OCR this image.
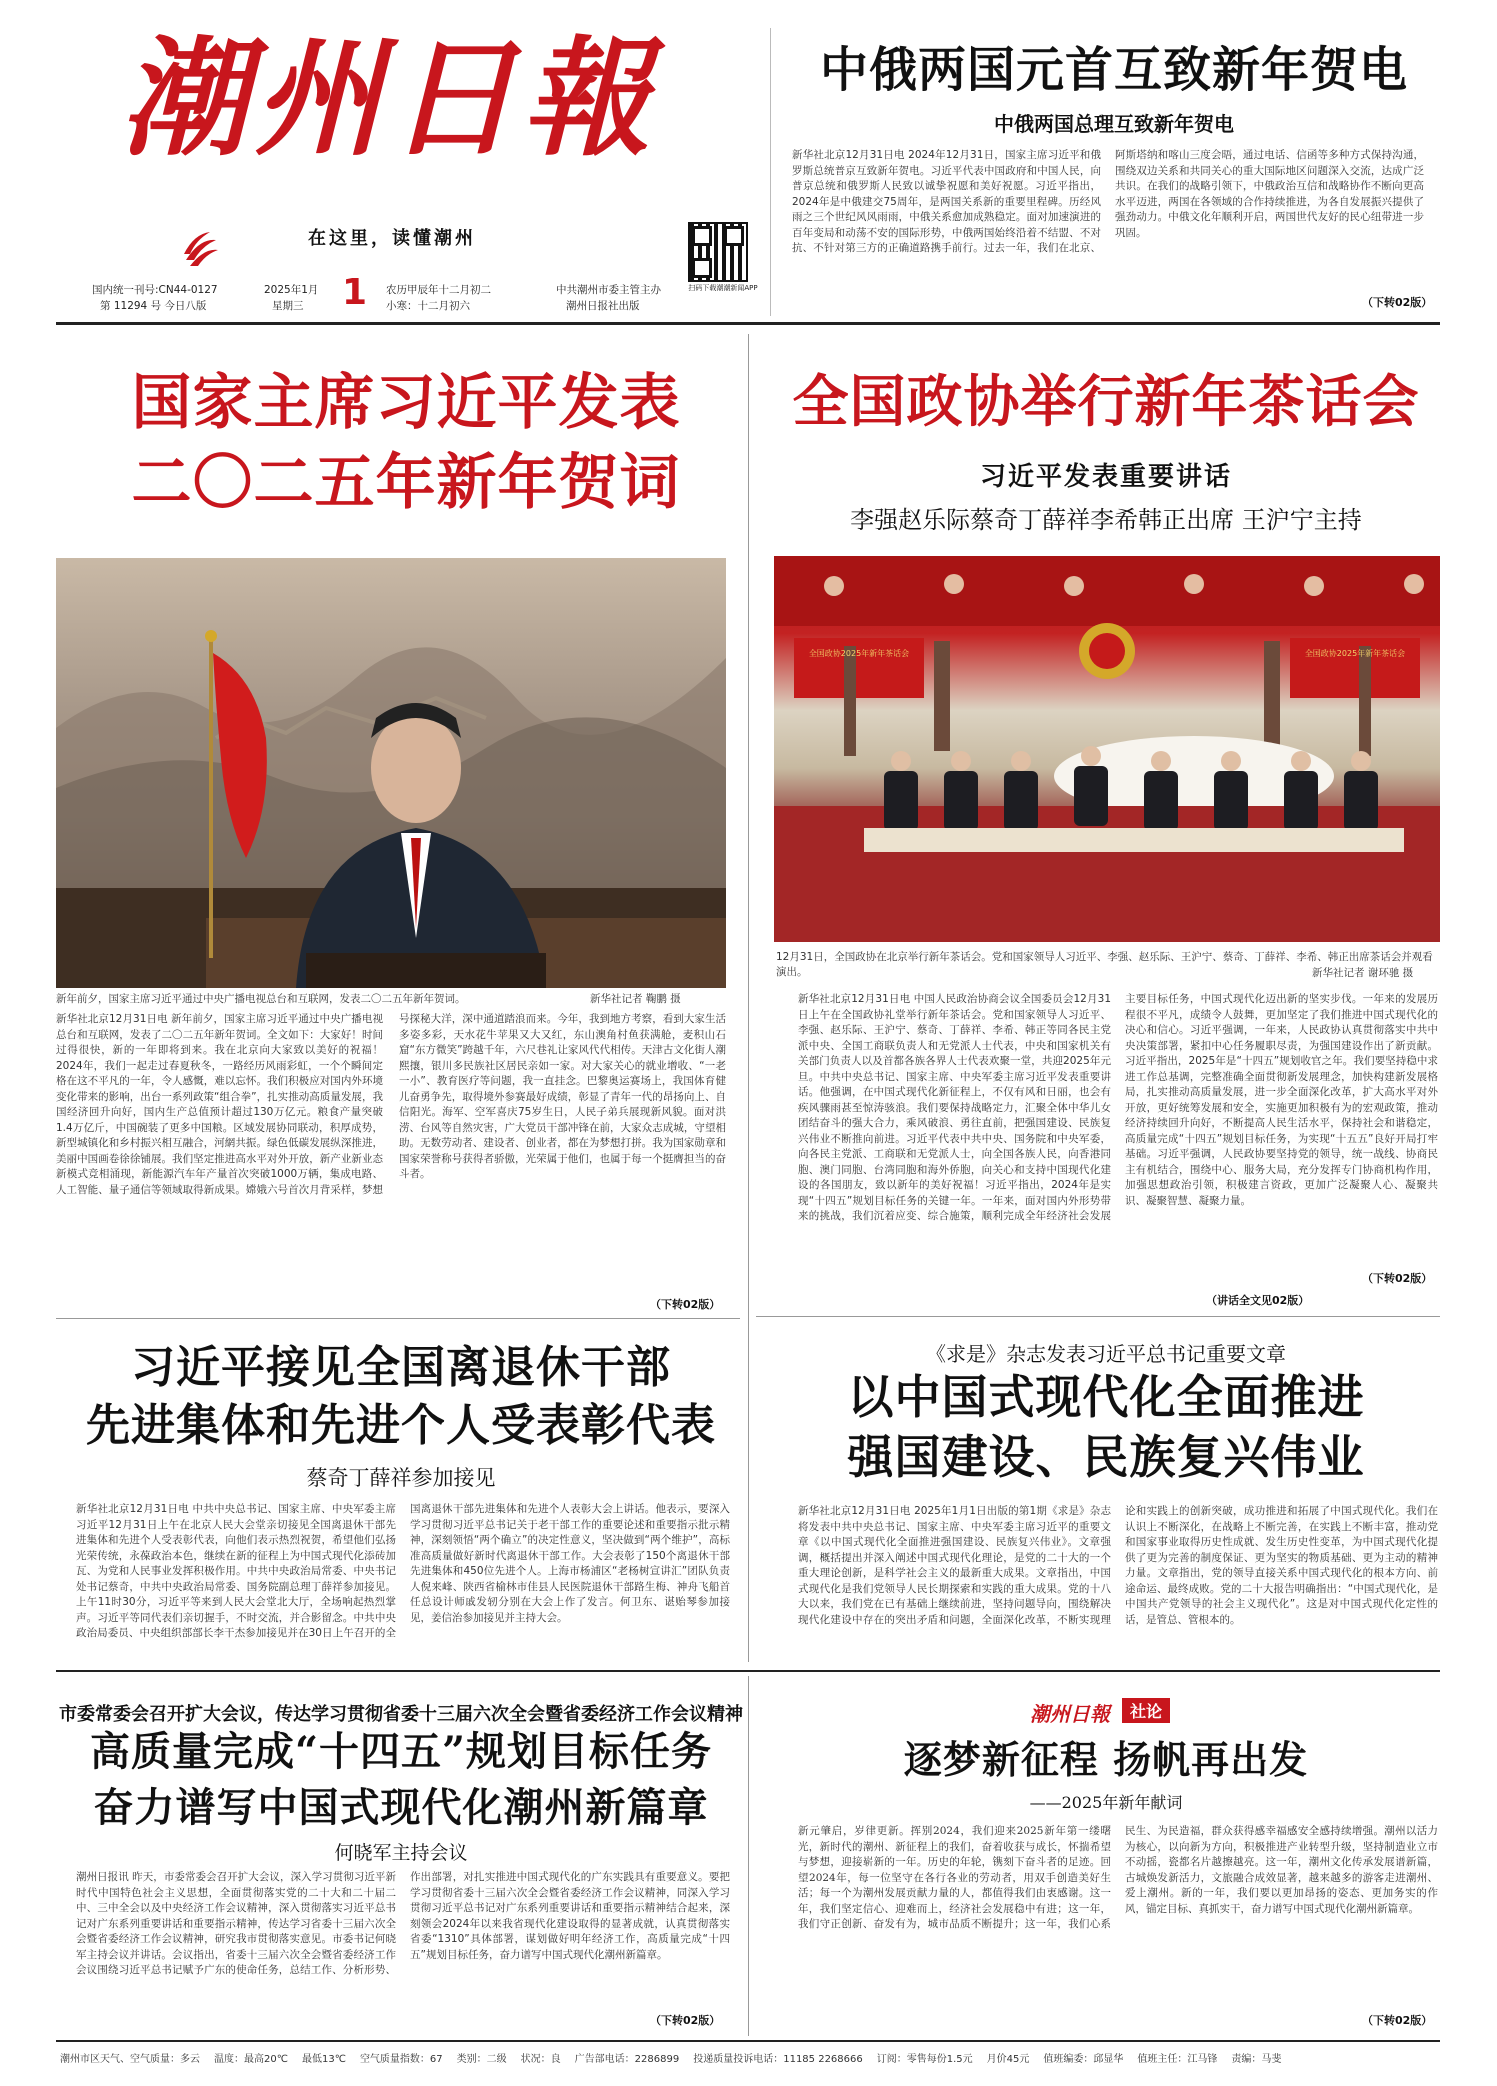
潮州日報
在这里，读懂潮州
扫码下载潮潮新闻APP
国内统一刊号:CN44-0127
第 11294 号 今日八版
2025年1月
星期三 1 农历甲辰年十二月初二
小寒：十二月初六
中共潮州市委主管主办
潮州日报社出版
中俄两国元首互致新年贺电
中俄两国总理互致新年贺电
新华社北京12月31日电 2024年12月31日，国家主席习近平和俄罗斯总统普京互致新年贺电。习近平代表中国政府和中国人民，向普京总统和俄罗斯人民致以诚挚祝愿和美好祝愿。习近平指出，2024年是中俄建交75周年，是两国关系新的重要里程碑。历经风雨之三个世纪风风雨雨，中俄关系愈加成熟稳定。面对加速演进的百年变局和动荡不安的国际形势，中俄两国始终沿着不结盟、不对抗、不针对第三方的正确道路携手前行。过去一年，我们在北京、阿斯塔纳和喀山三度会晤，通过电话、信函等多种方式保持沟通，围绕双边关系和共同关心的重大国际地区问题深入交流，达成广泛共识。在我们的战略引领下，中俄政治互信和战略协作不断向更高水平迈进，两国在各领域的合作持续推进，为各自发展振兴提供了强劲动力。中俄文化年顺利开启，两国世代友好的民心纽带进一步巩固。
（下转02版）
国家主席习近平发表
二〇二五年新年贺词
新年前夕，国家主席习近平通过中央广播电视总台和互联网，发表二〇二五年新年贺词。	新华社记者 鞠鹏 摄
新华社北京12月31日电 新年前夕，国家主席习近平通过中央广播电视总台和互联网，发表了二〇二五年新年贺词。全文如下：大家好！时间过得很快，新的一年即将到来。我在北京向大家致以美好的祝福！2024年，我们一起走过春夏秋冬，一路经历风雨彩虹，一个个瞬间定格在这不平凡的一年，令人感慨，难以忘怀。我们积极应对国内外环境变化带来的影响，出台一系列政策“组合拳”，扎实推动高质量发展，我国经济回升向好，国内生产总值预计超过130万亿元。粮食产量突破1.4万亿斤，中国碗装了更多中国粮。区域发展协同联动，积厚成势，新型城镇化和乡村振兴相互融合，河網共振。绿色低碳发展纵深推进，美丽中国画卷徐徐铺展。我们坚定推进高水平对外开放，新产业新业态新模式竞相涌现，新能源汽车年产量首次突破1000万辆，集成电路、人工智能、量子通信等领域取得新成果。嫦娥六号首次月背采样，梦想号探秘大洋，深中通道踏浪而来。今年，我到地方考察，看到大家生活多姿多彩，天水花牛苹果又大又红，东山澳角村鱼获满舱，麦积山石窟“东方微笑”跨越千年，六尺巷礼让家风代代相传。天津古文化街人潮熙攘，银川多民族社区居民亲如一家。对大家关心的就业增收、“一老一小”、教育医疗等问题，我一直挂念。巴黎奥运赛场上，我国体育健儿奋勇争先，取得境外参赛最好成绩，彰显了青年一代的昂扬向上、自信阳光。海军、空军喜庆75岁生日，人民子弟兵展现新风貌。面对洪涝、台风等自然灾害，广大党员干部冲锋在前，大家众志成城，守望相助。无数劳动者、建设者、创业者，都在为梦想打拼。我为国家勋章和国家荣誉称号获得者骄傲，光荣属于他们，也属于每一个挺膺担当的奋斗者。
（下转02版）
全国政协举行新年茶话会
习近平发表重要讲话
李强赵乐际蔡奇丁薛祥李希韩正出席 王沪宁主持
全国政协2025年新年茶话会	全国政协2025年新年茶话会
12月31日，全国政协在北京举行新年茶话会。党和国家领导人习近平、李强、赵乐际、王沪宁、蔡奇、丁薛祥、李希、韩正出席茶话会并观看演出。	新华社记者 谢环驰 摄
新华社北京12月31日电 中国人民政治协商会议全国委员会12月31日上午在全国政协礼堂举行新年茶话会。党和国家领导人习近平、李强、赵乐际、王沪宁、蔡奇、丁薛祥、李希、韩正等同各民主党派中央、全国工商联负责人和无党派人士代表，中央和国家机关有关部门负责人以及首都各族各界人士代表欢聚一堂，共迎2025年元旦。中共中央总书记、国家主席、中央军委主席习近平发表重要讲话。他强调，在中国式现代化新征程上，不仅有风和日丽，也会有疾风骤雨甚至惊涛骇浪。我们要保持战略定力，汇聚全体中华儿女团结奋斗的强大合力，乘风破浪、勇往直前，把强国建设、民族复兴伟业不断推向前进。习近平代表中共中央、国务院和中央军委，向各民主党派、工商联和无党派人士，向全国各族人民，向香港同胞、澳门同胞、台湾同胞和海外侨胞，向关心和支持中国现代化建设的各国朋友，致以新年的美好祝福！习近平指出，2024年是实现“十四五”规划目标任务的关键一年。一年来，面对国内外形势带来的挑战，我们沉着应变、综合施策，顺利完成全年经济社会发展主要目标任务，中国式现代化迈出新的坚实步伐。一年来的发展历程很不平凡，成绩令人鼓舞，更加坚定了我们推进中国式现代化的决心和信心。习近平强调，一年来，人民政协认真贯彻落实中共中央决策部署，紧扣中心任务履职尽责，为强国建设作出了新贡献。习近平指出，2025年是“十四五”规划收官之年。我们要坚持稳中求进工作总基调，完整准确全面贯彻新发展理念，加快构建新发展格局，扎实推动高质量发展，进一步全面深化改革，扩大高水平对外开放，更好统筹发展和安全，实施更加积极有为的宏观政策，推动经济持续回升向好，不断提高人民生活水平，保持社会和谐稳定，高质量完成“十四五”规划目标任务，为实现“十五五”良好开局打牢基础。习近平强调，人民政协要坚持党的领导，统一战线、协商民主有机结合，围绕中心、服务大局，充分发挥专门协商机构作用，加强思想政治引领，积极建言资政，更加广泛凝聚人心、凝聚共识、凝聚智慧、凝聚力量。
（下转02版）
（讲话全文见02版）
习近平接见全国离退休干部
先进集体和先进个人受表彰代表
蔡奇丁薛祥参加接见
新华社北京12月31日电 中共中央总书记、国家主席、中央军委主席习近平12月31日上午在北京人民大会堂亲切接见全国离退休干部先进集体和先进个人受表彰代表，向他们表示热烈祝贺，希望他们弘扬光荣传统，永葆政治本色，继续在新的征程上为中国式现代化添砖加瓦、为党和人民事业发挥积极作用。中共中央政治局常委、中央书记处书记蔡奇，中共中央政治局常委、国务院副总理丁薛祥参加接见。上午11时30分，习近平等来到人民大会堂北大厅，全场响起热烈掌声。习近平等同代表们亲切握手，不时交流，并合影留念。中共中央政治局委员、中央组织部部长李干杰参加接见并在30日上午召开的全国离退休干部先进集体和先进个人表彰大会上讲话。他表示，要深入学习贯彻习近平总书记关于老干部工作的重要论述和重要指示批示精神，深刻领悟“两个确立”的决定性意义，坚决做到“两个维护”，高标准高质量做好新时代离退休干部工作。大会表彰了150个离退休干部先进集体和450位先进个人。上海市杨浦区“老杨树宣讲汇”团队负责人倪来峰、陕西省榆林市佳县人民医院退休干部路生梅、神舟飞船首任总设计师戚发轫分别在大会上作了发言。何卫东、谌贻琴参加接见，姜信治参加接见并主持大会。
《求是》杂志发表习近平总书记重要文章
以中国式现代化全面推进
强国建设、民族复兴伟业
新华社北京12月31日电 2025年1月1日出版的第1期《求是》杂志将发表中共中央总书记、国家主席、中央军委主席习近平的重要文章《以中国式现代化全面推进强国建设、民族复兴伟业》。文章强调，概括提出并深入阐述中国式现代化理论，是党的二十大的一个重大理论创新，是科学社会主义的最新重大成果。文章指出，中国式现代化是我们党领导人民长期探索和实践的重大成果。党的十八大以来，我们党在已有基础上继续前进，坚持问题导向，围绕解决现代化建设中存在的突出矛盾和问题，全面深化改革，不断实现理论和实践上的创新突破，成功推进和拓展了中国式现代化。我们在认识上不断深化，在战略上不断完善，在实践上不断丰富，推动党和国家事业取得历史性成就、发生历史性变革，为中国式现代化提供了更为完善的制度保证、更为坚实的物质基础、更为主动的精神力量。文章指出，党的领导直接关系中国式现代化的根本方向、前途命运、最终成败。党的二十大报告明确指出：“中国式现代化，是中国共产党领导的社会主义现代化”。这是对中国式现代化定性的话，是管总、管根本的。
市委常委会召开扩大会议，传达学习贯彻省委十三届六次全会暨省委经济工作会议精神
高质量完成“十四五”规划目标任务
奋力谱写中国式现代化潮州新篇章
何晓军主持会议
潮州日报讯 昨天，市委常委会召开扩大会议，深入学习贯彻习近平新时代中国特色社会主义思想，全面贯彻落实党的二十大和二十届二中、三中全会以及中央经济工作会议精神，深入贯彻落实习近平总书记对广东系列重要讲话和重要指示精神，传达学习省委十三届六次全会暨省委经济工作会议精神，研究我市贯彻落实意见。市委书记何晓军主持会议并讲话。会议指出，省委十三届六次全会暨省委经济工作会议围绕习近平总书记赋予广东的使命任务，总结工作、分析形势、作出部署，对扎实推进中国式现代化的广东实践具有重要意义。要把学习贯彻省委十三届六次全会暨省委经济工作会议精神，同深入学习贯彻习近平总书记对广东系列重要讲话和重要指示精神结合起来，深刻领会2024年以来我省现代化建设取得的显著成就，认真贯彻落实省委“1310”具体部署，谋划做好明年经济工作，高质量完成“十四五”规划目标任务，奋力谱写中国式现代化潮州新篇章。
（下转02版）
潮州日報	社论
逐梦新征程 扬帆再出发
——2025年新年献词
新元肇启，岁律更新。挥别2024，我们迎来2025新年第一缕曙光，新时代的潮州、新征程上的我们，奋着收获与成长，怀揣希望与梦想，迎接崭新的一年。历史的年轮，镌刻下奋斗者的足迹。回望2024年，每一位坚守在各行各业的劳动者，用双手创造美好生活；每一个为潮州发展贡献力量的人，都值得我们由衷感谢。这一年，我们坚定信心、迎难而上，经济社会发展稳中有进；这一年，我们守正创新、奋发有为，城市品质不断提升；这一年，我们心系民生、为民造福，群众获得感幸福感安全感持续增强。潮州以活力为核心，以向新为方向，积极推进产业转型升级，坚持制造业立市不动摇，瓷都名片越擦越亮。这一年，潮州文化传承发展谱新篇，古城焕发新活力，文旅融合成效显著，越来越多的游客走进潮州、爱上潮州。新的一年，我们要以更加昂扬的姿态、更加务实的作风，锚定目标、真抓实干，奋力谱写中国式现代化潮州新篇章。
（下转02版）
潮州市区天气、空气质量：多云 温度：最高20℃ 最低13℃ 空气质量指数：67 类别：二级 状况：良 广告部电话：2286899 投递质量投诉电话：11185 2268666 订阅：零售每份1.5元 月价45元 值班编委：邱显华 值班主任：江马锋 责编：马斐
